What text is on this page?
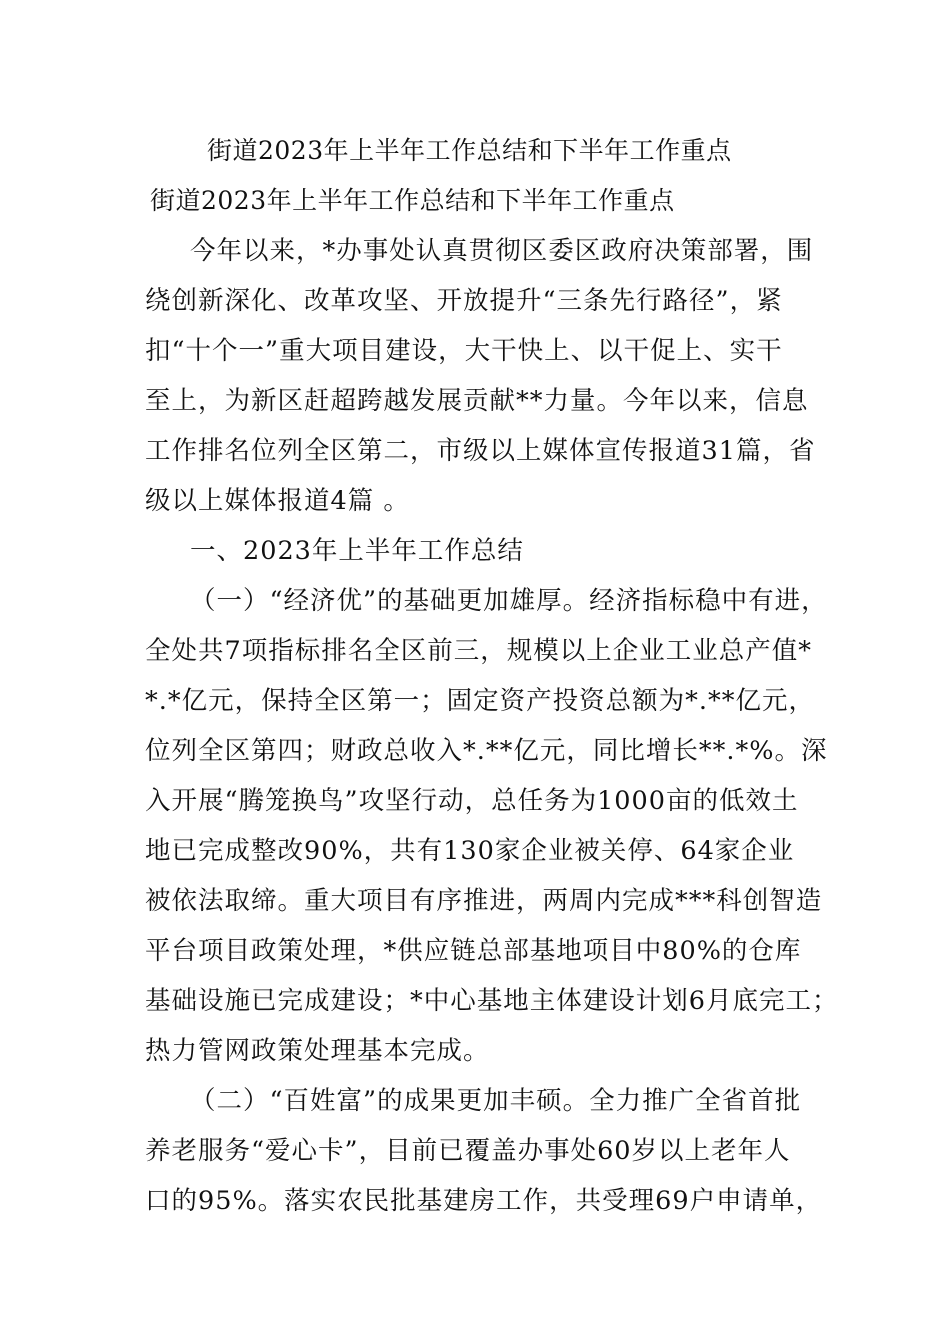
街道2023年上半年工作总结和下半年工作重点
街道2023年上半年工作总结和下半年工作重点
今年以来，*办事处认真贯彻区委区政府决策部署，围
绕创新深化、改革攻坚、开放提升“三条先行路径”，紧
扣“十个一”重大项目建设，大干快上、以干促上、实干
至上，为新区赶超跨越发展贡献**力量。今年以来，信息
工作排名位列全区第二，市级以上媒体宣传报道31篇，省
级以上媒体报道4篇 。
一、2023年上半年工作总结
（一）“经济优”的基础更加雄厚。经济指标稳中有进，
全处共7项指标排名全区前三，规模以上企业工业总产值*
*.*亿元，保持全区第一；固定资产投资总额为*.**亿元，
位列全区第四；财政总收入*.**亿元，同比增长**.*%。深
入开展“腾笼换鸟”攻坚行动，总任务为1000亩的低效土
地已完成整改90%，共有130家企业被关停、64家企业
被依法取缔。重大项目有序推进，两周内完成***科创智造
平台项目政策处理，*供应链总部基地项目中80%的仓库
基础设施已完成建设；*中心基地主体建设计划6月底完工；
热力管网政策处理基本完成。
（二）“百姓富”的成果更加丰硕。全力推广全省首批
养老服务“爱心卡”，目前已覆盖办事处60岁以上老年人
口的95%。落实农民批基建房工作，共受理69户申请单，
